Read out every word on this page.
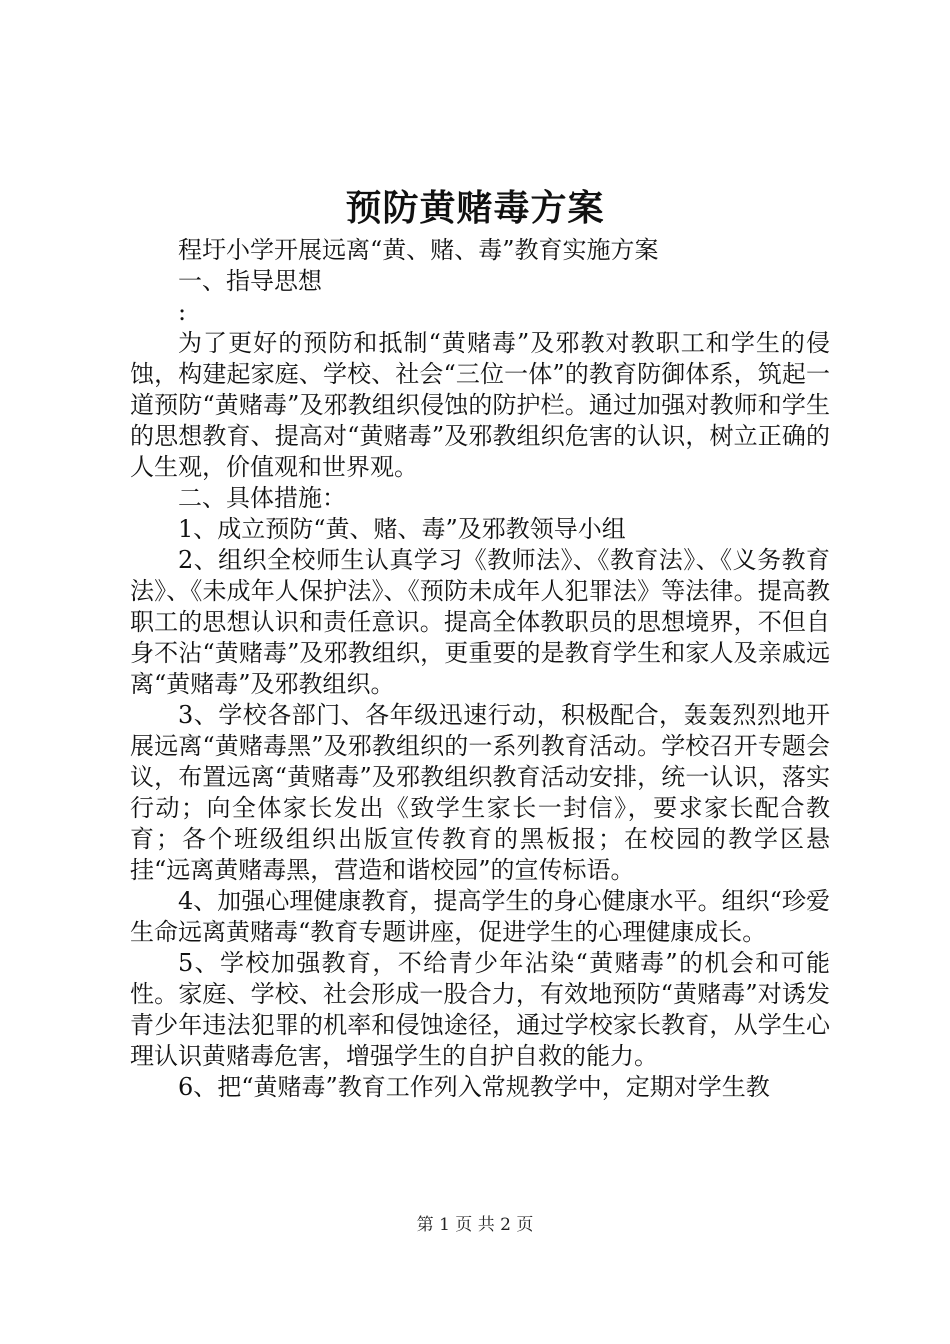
预防黄赌毒方案

程圩小学开展远离“黄、赌、毒”教育实施方案

一、指导思想

:

为了更好的预防和抵制“黄赌毒”及邪教对教职工和学生的侵蚀，构建起家庭、学校、社会“三位一体”的教育防御体系，筑起一道预防“黄赌毒”及邪教组织侵蚀的防护栏。通过加强对教师和学生的思想教育、提高对“黄赌毒”及邪教组织危害的认识，树立正确的人生观，价值观和世界观。

二、具体措施：

1、成立预防“黄、赌、毒”及邪教领导小组

2、组织全校师生认真学习《教师法》、《教育法》、《义务教育法》、《未成年人保护法》、《预防未成年人犯罪法》等法律。提高教职工的思想认识和责任意识。提高全体教职员的思想境界，不但自身不沾“黄赌毒”及邪教组织，更重要的是教育学生和家人及亲戚远离“黄赌毒”及邪教组织。

3、学校各部门、各年级迅速行动，积极配合，轰轰烈烈地开展远离“黄赌毒黑”及邪教组织的一系列教育活动。学校召开专题会议，布置远离“黄赌毒”及邪教组织教育活动安排，统一认识，落实行动；向全体家长发出《致学生家长一封信》，要求家长配合教育；各个班级组织出版宣传教育的黑板报；在校园的教学区悬挂“远离黄赌毒黑，营造和谐校园”的宣传标语。

4、加强心理健康教育，提高学生的身心健康水平。组织“珍爱生命远离黄赌毒“教育专题讲座，促进学生的心理健康成长。

5、学校加强教育，不给青少年沾染“黄赌毒”的机会和可能性。家庭、学校、社会形成一股合力，有效地预防“黄赌毒”对诱发青少年违法犯罪的机率和侵蚀途径，通过学校家长教育，从学生心理认识黄赌毒危害，增强学生的自护自救的能力。

6、把“黄赌毒”教育工作列入常规教学中，定期对学生教

第 1 页 共 2 页
